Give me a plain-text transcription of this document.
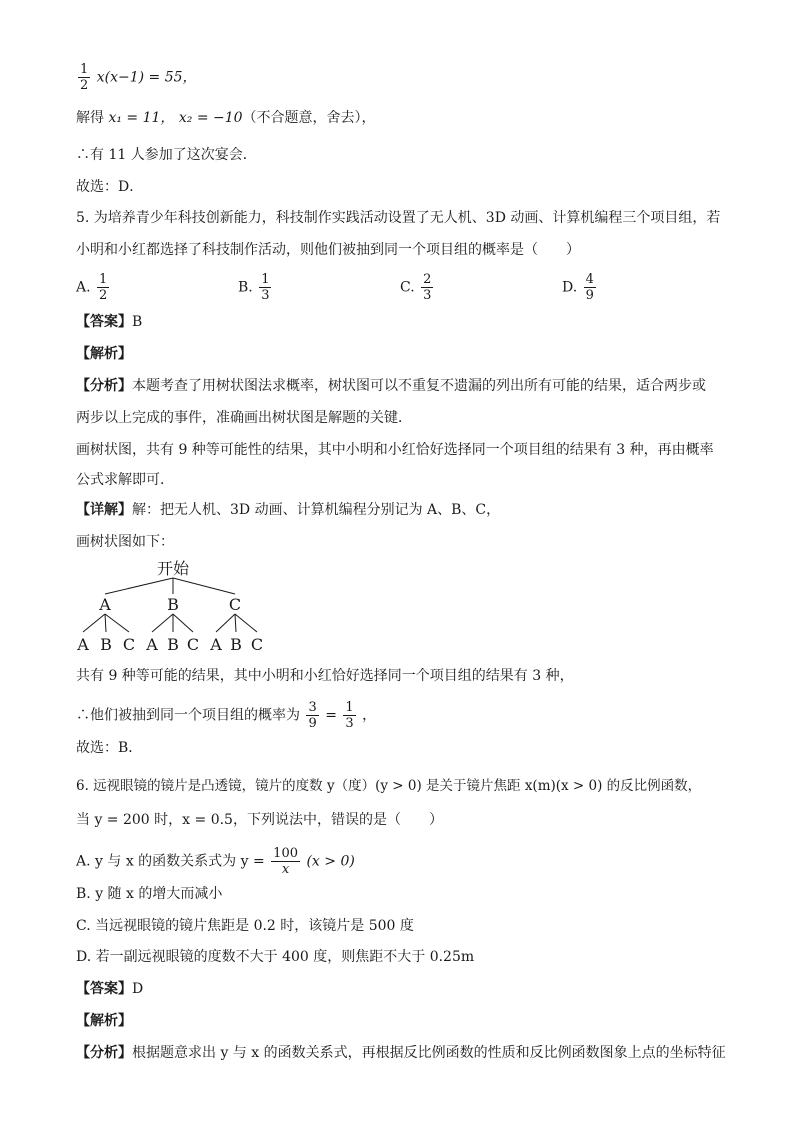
$\frac{1}{2} x(x-1) = 55$，
解得 x₁ = 11， x₂ = −10（不合题意，舍去），
∴有 11 人参加了这次宴会．
故选：D．
5. 为培养青少年科技创新能力，科技制作实践活动设置了无人机、3D 动画、计算机编程三个项目组，若
小明和小红都选择了科技制作活动，则他们被抽到同一个项目组的概率是（　　）
A. $\frac{1}{2}$	B. $\frac{1}{3}$	C. $\frac{2}{3}$	D. $\frac{4}{9}$
【答案】B
【解析】
【分析】本题考查了用树状图法求概率，树状图可以不重复不遗漏的列出所有可能的结果，适合两步或
两步以上完成的事件，准确画出树状图是解题的关键．
画树状图，共有 9 种等可能性的结果，其中小明和小红恰好选择同一个项目组的结果有 3 种，再由概率
公式求解即可．
【详解】解：把无人机、3D 动画、计算机编程分别记为 A、B、C，
画树状图如下：
开始
A	B	C
A B C A B C A B C
共有 9 种等可能的结果，其中小明和小红恰好选择同一个项目组的结果有 3 种，
∴他们被抽到同一个项目组的概率为 $\frac{3}{9} = \frac{1}{3}$ ，
故选：B．
6. 远视眼镜的镜片是凸透镜，镜片的度数 y（度）(y > 0) 是关于镜片焦距 x(m)(x > 0) 的反比例函数，
当 y = 200 时，x = 0.5，下列说法中，错误的是（　　）
A. y 与 x 的函数关系式为 $y = \frac{100}{x} (x > 0)$
B. y 随 x 的增大而减小
C. 当远视眼镜的镜片焦距是 0.2 时，该镜片是 500 度
D. 若一副远视眼镜的度数不大于 400 度，则焦距不大于 0.25m
【答案】D
【解析】
【分析】根据题意求出 y 与 x 的函数关系式，再根据反比例函数的性质和反比例函数图象上点的坐标特征
